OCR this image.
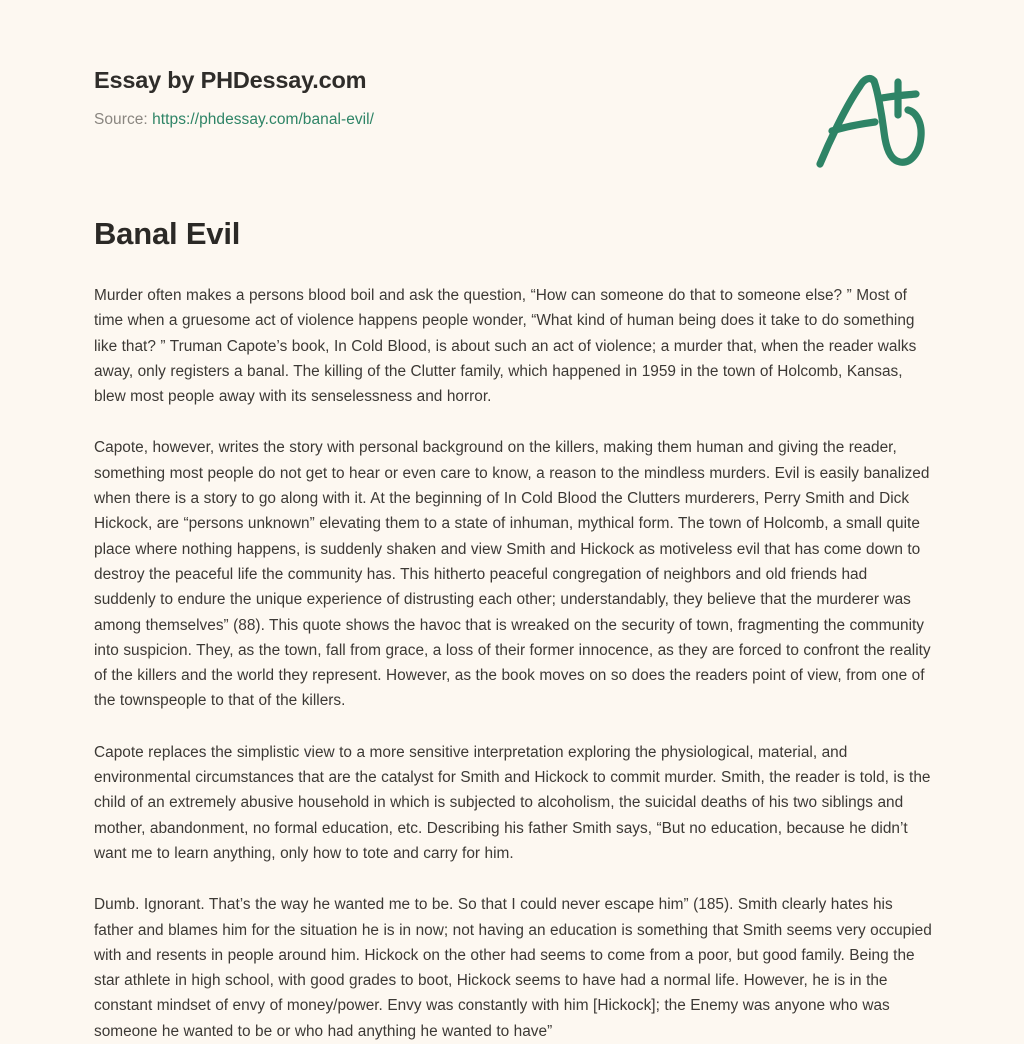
Essay by PHDessay.com

Source: https://phdessay.com/banal-evil/

Banal Evil

Murder often makes a persons blood boil and ask the question, “How can someone do that to someone else? ” Most of time when a gruesome act of violence happens people wonder, “What kind of human being does it take to do something like that? ” Truman Capote’s book, In Cold Blood, is about such an act of violence; a murder that, when the reader walks away, only registers a banal. The killing of the Clutter family, which happened in 1959 in the town of Holcomb, Kansas, blew most people away with its senselessness and horror.

Capote, however, writes the story with personal background on the killers, making them human and giving the reader, something most people do not get to hear or even care to know, a reason to the mindless murders. Evil is easily banalized when there is a story to go along with it. At the beginning of In Cold Blood the Clutters murderers, Perry Smith and Dick Hickock, are “persons unknown” elevating them to a state of inhuman, mythical form. The town of Holcomb, a small quite place where nothing happens, is suddenly shaken and view Smith and Hickock as motiveless evil that has come down to destroy the peaceful life the community has. This hitherto peaceful congregation of neighbors and old friends had suddenly to endure the unique experience of distrusting each other; understandably, they believe that the murderer was among themselves” (88). This quote shows the havoc that is wreaked on the security of town, fragmenting the community into suspicion. They, as the town, fall from grace, a loss of their former innocence, as they are forced to confront the reality of the killers and the world they represent. However, as the book moves on so does the readers point of view, from one of the townspeople to that of the killers.

Capote replaces the simplistic view to a more sensitive interpretation exploring the physiological, material, and environmental circumstances that are the catalyst for Smith and Hickock to commit murder. Smith, the reader is told, is the child of an extremely abusive household in which is subjected to alcoholism, the suicidal deaths of his two siblings and mother, abandonment, no formal education, etc. Describing his father Smith says, “But no education, because he didn’t want me to learn anything, only how to tote and carry for him.

Dumb. Ignorant. That’s the way he wanted me to be. So that I could never escape him” (185). Smith clearly hates his father and blames him for the situation he is in now; not having an education is something that Smith seems very occupied with and resents in people around him. Hickock on the other had seems to come from a poor, but good family. Being the star athlete in high school, with good grades to boot, Hickock seems to have had a normal life. However, he is in the constant mindset of envy of money/power. Envy was constantly with him [Hickock]; the Enemy was anyone who was someone he wanted to be or who had anything he wanted to have”
